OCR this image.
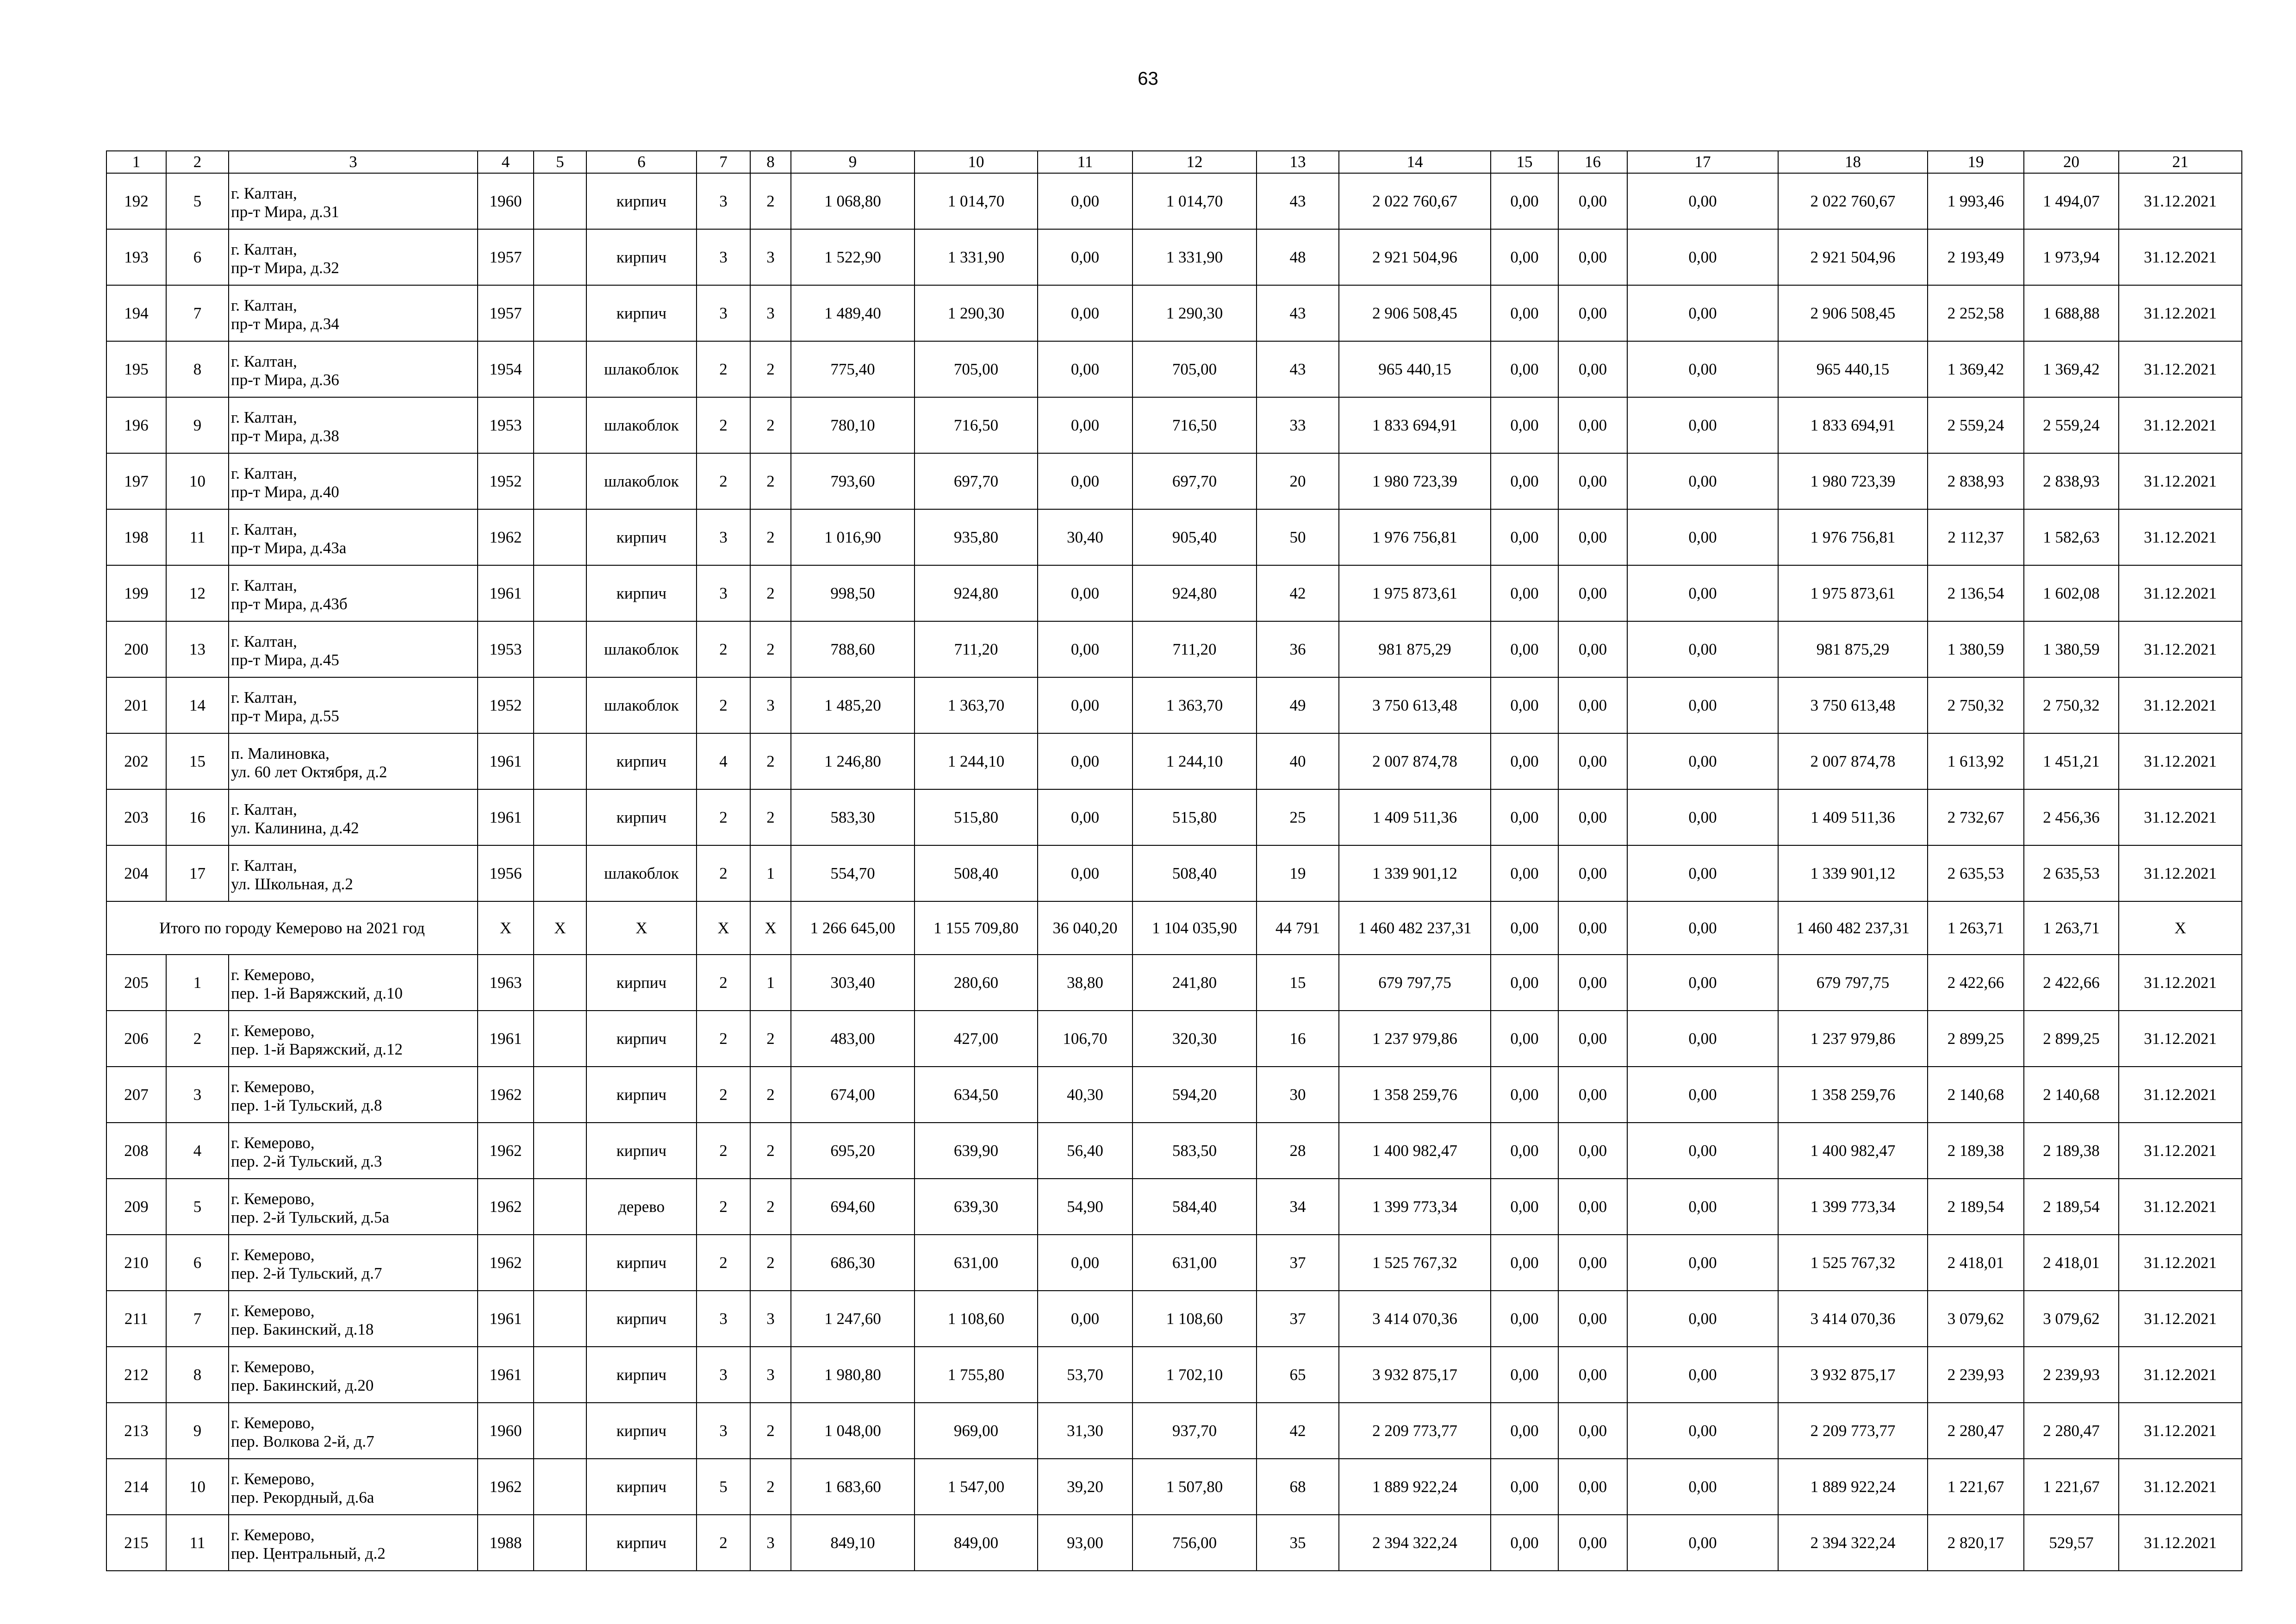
63
1	2	3	4	5	6	7	8	9	10	11	12	13	14	15	16	17	18	19	20	21
192	5	г. Калтан,
пр-т Мира, д.31	1960		кирпич	3	2	1 068,80	1 014,70	0,00	1 014,70	43	2 022 760,67	0,00	0,00	0,00	2 022 760,67	1 993,46	1 494,07	31.12.2021
193	6	г. Калтан,
пр-т Мира, д.32	1957		кирпич	3	3	1 522,90	1 331,90	0,00	1 331,90	48	2 921 504,96	0,00	0,00	0,00	2 921 504,96	2 193,49	1 973,94	31.12.2021
194	7	г. Калтан,
пр-т Мира, д.34	1957		кирпич	3	3	1 489,40	1 290,30	0,00	1 290,30	43	2 906 508,45	0,00	0,00	0,00	2 906 508,45	2 252,58	1 688,88	31.12.2021
195	8	г. Калтан,
пр-т Мира, д.36	1954		шлакоблок	2	2	775,40	705,00	0,00	705,00	43	965 440,15	0,00	0,00	0,00	965 440,15	1 369,42	1 369,42	31.12.2021
196	9	г. Калтан,
пр-т Мира, д.38	1953		шлакоблок	2	2	780,10	716,50	0,00	716,50	33	1 833 694,91	0,00	0,00	0,00	1 833 694,91	2 559,24	2 559,24	31.12.2021
197	10	г. Калтан,
пр-т Мира, д.40	1952		шлакоблок	2	2	793,60	697,70	0,00	697,70	20	1 980 723,39	0,00	0,00	0,00	1 980 723,39	2 838,93	2 838,93	31.12.2021
198	11	г. Калтан,
пр-т Мира, д.43а	1962		кирпич	3	2	1 016,90	935,80	30,40	905,40	50	1 976 756,81	0,00	0,00	0,00	1 976 756,81	2 112,37	1 582,63	31.12.2021
199	12	г. Калтан,
пр-т Мира, д.43б	1961		кирпич	3	2	998,50	924,80	0,00	924,80	42	1 975 873,61	0,00	0,00	0,00	1 975 873,61	2 136,54	1 602,08	31.12.2021
200	13	г. Калтан,
пр-т Мира, д.45	1953		шлакоблок	2	2	788,60	711,20	0,00	711,20	36	981 875,29	0,00	0,00	0,00	981 875,29	1 380,59	1 380,59	31.12.2021
201	14	г. Калтан,
пр-т Мира, д.55	1952		шлакоблок	2	3	1 485,20	1 363,70	0,00	1 363,70	49	3 750 613,48	0,00	0,00	0,00	3 750 613,48	2 750,32	2 750,32	31.12.2021
202	15	п. Малиновка,
ул. 60 лет Октября, д.2	1961		кирпич	4	2	1 246,80	1 244,10	0,00	1 244,10	40	2 007 874,78	0,00	0,00	0,00	2 007 874,78	1 613,92	1 451,21	31.12.2021
203	16	г. Калтан,
ул. Калинина, д.42	1961		кирпич	2	2	583,30	515,80	0,00	515,80	25	1 409 511,36	0,00	0,00	0,00	1 409 511,36	2 732,67	2 456,36	31.12.2021
204	17	г. Калтан,
ул. Школьная, д.2	1956		шлакоблок	2	1	554,70	508,40	0,00	508,40	19	1 339 901,12	0,00	0,00	0,00	1 339 901,12	2 635,53	2 635,53	31.12.2021
Итого по городу Кемерово на 2021 год			X	X	X	X	X	1 266 645,00	1 155 709,80	36 040,20	1 104 035,90	44 791	1 460 482 237,31	0,00	0,00	0,00	1 460 482 237,31	1 263,71	1 263,71	X
205	1	г. Кемерово,
пер. 1-й Варяжский, д.10	1963		кирпич	2	1	303,40	280,60	38,80	241,80	15	679 797,75	0,00	0,00	0,00	679 797,75	2 422,66	2 422,66	31.12.2021
206	2	г. Кемерово,
пер. 1-й Варяжский, д.12	1961		кирпич	2	2	483,00	427,00	106,70	320,30	16	1 237 979,86	0,00	0,00	0,00	1 237 979,86	2 899,25	2 899,25	31.12.2021
207	3	г. Кемерово,
пер. 1-й Тульский, д.8	1962		кирпич	2	2	674,00	634,50	40,30	594,20	30	1 358 259,76	0,00	0,00	0,00	1 358 259,76	2 140,68	2 140,68	31.12.2021
208	4	г. Кемерово,
пер. 2-й Тульский, д.3	1962		кирпич	2	2	695,20	639,90	56,40	583,50	28	1 400 982,47	0,00	0,00	0,00	1 400 982,47	2 189,38	2 189,38	31.12.2021
209	5	г. Кемерово,
пер. 2-й Тульский, д.5а	1962		дерево	2	2	694,60	639,30	54,90	584,40	34	1 399 773,34	0,00	0,00	0,00	1 399 773,34	2 189,54	2 189,54	31.12.2021
210	6	г. Кемерово,
пер. 2-й Тульский, д.7	1962		кирпич	2	2	686,30	631,00	0,00	631,00	37	1 525 767,32	0,00	0,00	0,00	1 525 767,32	2 418,01	2 418,01	31.12.2021
211	7	г. Кемерово,
пер. Бакинский, д.18	1961		кирпич	3	3	1 247,60	1 108,60	0,00	1 108,60	37	3 414 070,36	0,00	0,00	0,00	3 414 070,36	3 079,62	3 079,62	31.12.2021
212	8	г. Кемерово,
пер. Бакинский, д.20	1961		кирпич	3	3	1 980,80	1 755,80	53,70	1 702,10	65	3 932 875,17	0,00	0,00	0,00	3 932 875,17	2 239,93	2 239,93	31.12.2021
213	9	г. Кемерово,
пер. Волкова 2-й, д.7	1960		кирпич	3	2	1 048,00	969,00	31,30	937,70	42	2 209 773,77	0,00	0,00	0,00	2 209 773,77	2 280,47	2 280,47	31.12.2021
214	10	г. Кемерово,
пер. Рекордный, д.6а	1962		кирпич	5	2	1 683,60	1 547,00	39,20	1 507,80	68	1 889 922,24	0,00	0,00	0,00	1 889 922,24	1 221,67	1 221,67	31.12.2021
215	11	г. Кемерово,
пер. Центральный, д.2	1988		кирпич	2	3	849,10	849,00	93,00	756,00	35	2 394 322,24	0,00	0,00	0,00	2 394 322,24	2 820,17	529,57	31.12.2021
